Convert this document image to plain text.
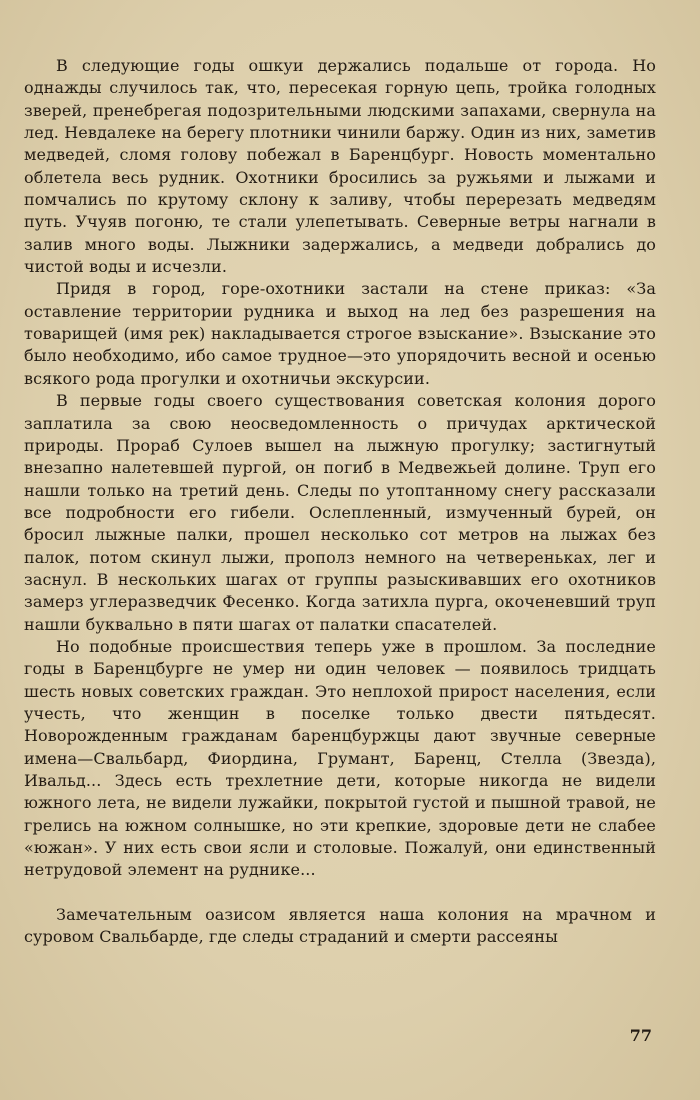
В следующие годы ошкуи держались подальше от города. Но однажды случилось так, что, пересекая горную цепь, тройка голодных зверей, пренебрегая подозрительными людскими запахами, свернула на лед. Невдалеке на берегу плотники чинили баржу. Один из них, заметив медведей, сломя голову побежал в Баренцбург. Новость моментально облетела весь рудник. Охотники бросились за ружьями и лыжами и помчались по крутому склону к заливу, чтобы перерезать медведям путь. Учуяв погоню, те стали улепетывать. Северные ветры нагнали в залив много воды. Лыжники задержались, а медведи добрались до чистой воды и исчезли.

Придя в город, горе-охотники застали на стене приказ: «За оставление территории рудника и выход на лед без разрешения на товарищей (имя рек) накладывается строгое взыскание». Взыскание это было необходимо, ибо самое трудное—это упорядочить весной и осенью всякого рода прогулки и охотничьи экскурсии.

В первые годы своего существования советская колония дорого заплатила за свою неосведомленность о причудах арктической природы. Прораб Сулоев вышел на лыжную прогулку; застигнутый внезапно налетевшей пургой, он погиб в Медвежьей долине. Труп его нашли только на третий день. Следы по утоптанному снегу рассказали все подробности его гибели. Ослепленный, измученный бурей, он бросил лыжные палки, прошел несколько сот метров на лыжах без палок, потом скинул лыжи, прополз немного на четвереньках, лег и заснул. В нескольких шагах от группы разыскивавших его охотников замерз углеразведчик Фесенко. Когда затихла пурга, окоченевший труп нашли буквально в пяти шагах от палатки спасателей.

Но подобные происшествия теперь уже в прошлом. За последние годы в Баренцбурге не умер ни один человек — появилось тридцать шесть новых советских граждан. Это неплохой прирост населения, если учесть, что женщин в поселке только двести пятьдесят. Новорожденным гражданам баренцбуржцы дают звучные северные имена—Свальбард, Фиордина, Грумант, Баренц, Стелла (Звезда), Ивальд... Здесь есть трехлетние дети, которые никогда не видели южного лета, не видели лужайки, покрытой густой и пышной травой, не грелись на южном солнышке, но эти крепкие, здоровые дети не слабее «южан». У них есть свои ясли и столовые. Пожалуй, они единственный нетрудовой элемент на руднике...

Замечательным оазисом является наша колония на мрачном и суровом Свальбарде, где следы страданий и смерти рассеяны

77
